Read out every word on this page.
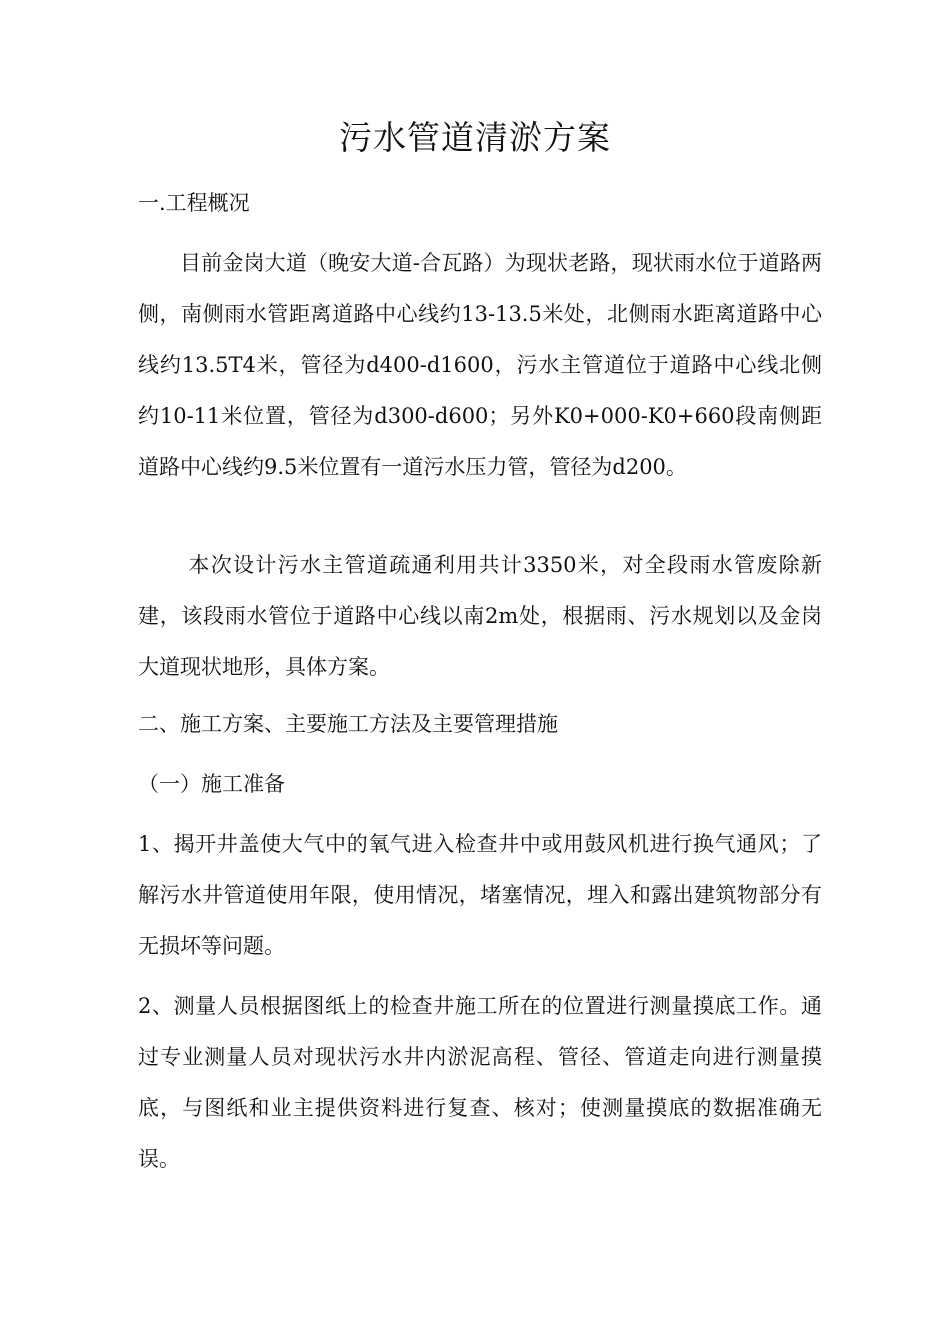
污水管道清淤方案
一.工程概况
目前金岗大道（晚安大道-合瓦路）为现状老路，现状雨水位于道路两侧，南侧雨水管距离道路中心线约13-13.5米处，北侧雨水距离道路中心线约13.5T4米，管径为d400-d1600，污水主管道位于道路中心线北侧约10-11米位置，管径为d300-d600；另外K0+000-K0+660段南侧距道路中心线约9.5米位置有一道污水压力管，管径为d200。
本次设计污水主管道疏通利用共计3350米，对全段雨水管废除新建，该段雨水管位于道路中心线以南2m处，根据雨、污水规划以及金岗大道现状地形，具体方案。
二、施工方案、主要施工方法及主要管理措施
（一）施工准备
1、揭开井盖使大气中的氧气进入检查井中或用鼓风机进行换气通风；了解污水井管道使用年限，使用情况，堵塞情况，埋入和露出建筑物部分有无损坏等问题。
2、测量人员根据图纸上的检查井施工所在的位置进行测量摸底工作。通过专业测量人员对现状污水井内淤泥高程、管径、管道走向进行测量摸底，与图纸和业主提供资料进行复查、核对；使测量摸底的数据准确无误。
